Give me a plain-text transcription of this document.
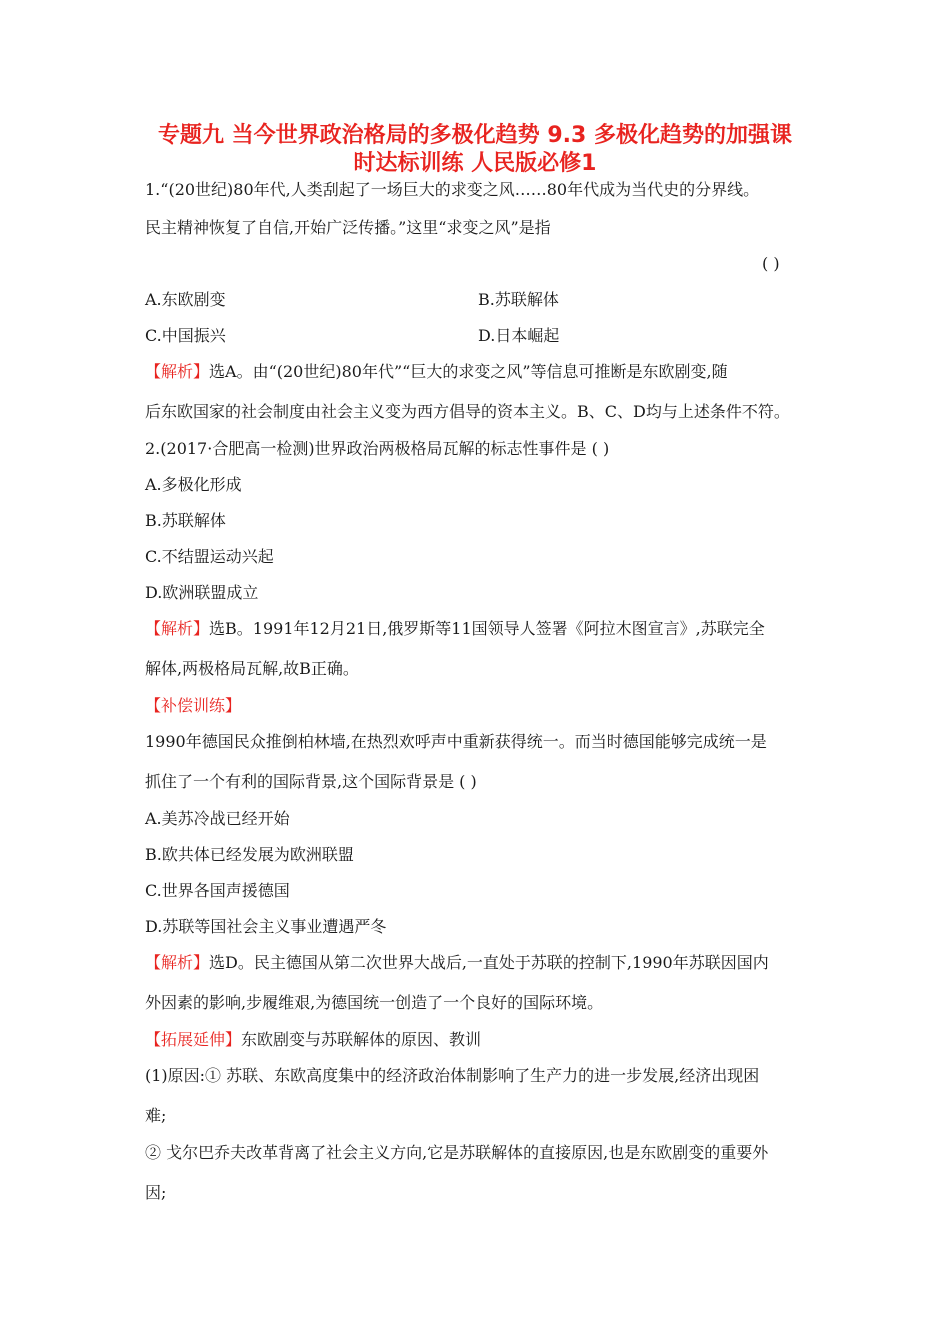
专题九 当今世界政治格局的多极化趋势 9.3 多极化趋势的加强课
时达标训练 人民版必修1
1.“(20世纪)80年代,人类刮起了一场巨大的求变之风……80年代成为当代史的分界线。
民主精神恢复了自信,开始广泛传播。”这里“求变之风”是指
( )
A.东欧剧变	B.苏联解体
C.中国振兴	D.日本崛起
【解析】选A。由“(20世纪)80年代”“巨大的求变之风”等信息可推断是东欧剧变,随
后东欧国家的社会制度由社会主义变为西方倡导的资本主义。B、C、D均与上述条件不符。
2.(2017·合肥高一检测)世界政治两极格局瓦解的标志性事件是 ( )
A.多极化形成
B.苏联解体
C.不结盟运动兴起
D.欧洲联盟成立
【解析】选B。1991年12月21日,俄罗斯等11国领导人签署《阿拉木图宣言》,苏联完全
解体,两极格局瓦解,故B正确。
【补偿训练】
1990年德国民众推倒柏林墙,在热烈欢呼声中重新获得统一。而当时德国能够完成统一是
抓住了一个有利的国际背景,这个国际背景是 ( )
A.美苏冷战已经开始
B.欧共体已经发展为欧洲联盟
C.世界各国声援德国
D.苏联等国社会主义事业遭遇严冬
【解析】选D。民主德国从第二次世界大战后,一直处于苏联的控制下,1990年苏联因国内
外因素的影响,步履维艰,为德国统一创造了一个良好的国际环境。
【拓展延伸】东欧剧变与苏联解体的原因、教训
(1)原因:① 苏联、东欧高度集中的经济政治体制影响了生产力的进一步发展,经济出现困
难;
② 戈尔巴乔夫改革背离了社会主义方向,它是苏联解体的直接原因,也是东欧剧变的重要外
因;
